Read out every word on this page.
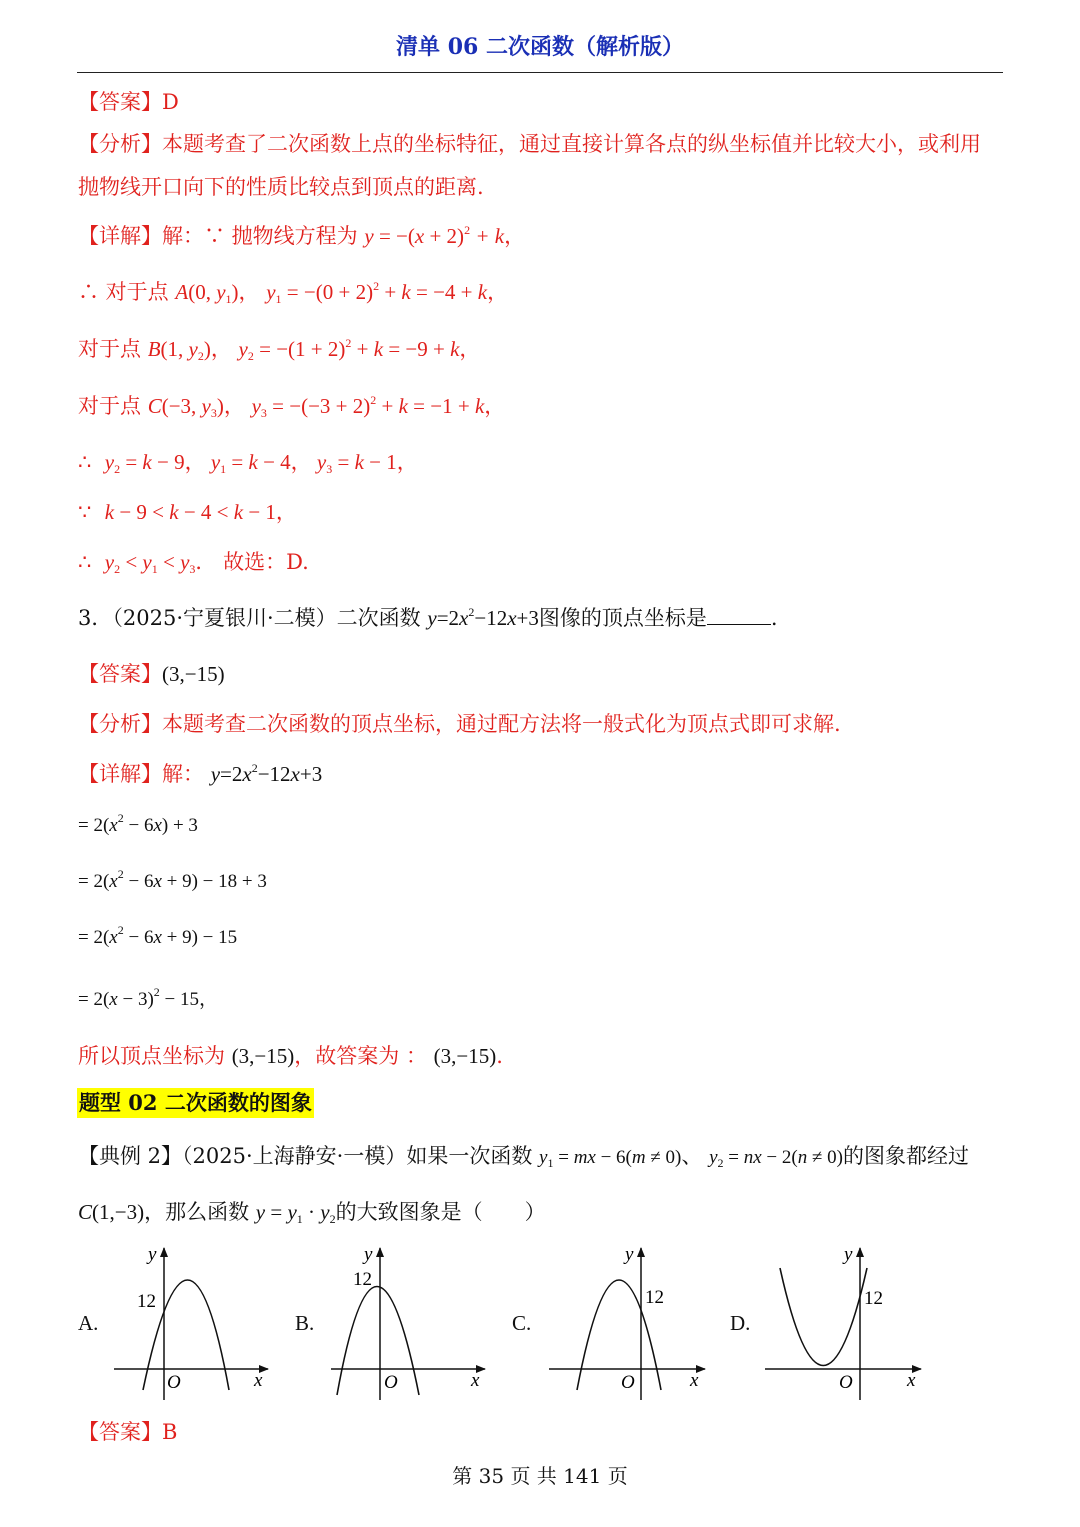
清单 06 二次函数（解析版）
【答案】D
【分析】本题考查了二次函数上点的坐标特征，通过直接计算各点的纵坐标值并比较大小，或利用
抛物线开口向下的性质比较点到顶点的距离.
【详解】解：∵ 抛物线方程为 $y = -(x + 2)^2 + k$，
∴ 对于点 A(0, $y_1$)， $y_1 = -(0 + 2)^2 + k = -4 + k$，
对于点 B(1, $y_2$)， $y_2 = -(1 + 2)^2 + k = -9 + k$，
对于点 C(−3, $y_3$)， $y_3 = -(-3 + 2)^2 + k = -1 + k$，
∴ $y_2 = k - 9$， $y_1 = k - 4$， $y_3 = k - 1$，
∵ k − 9 < k − 4 < k − 1，
∴ $y_2 < y_1 < y_3$． 故选：D.
3．（2025·宁夏银川·二模）二次函数 $y=2x^2-12x+3$图像的顶点坐标是	.
【答案】(3,−15)
【分析】本题考查二次函数的顶点坐标，通过配方法将一般式化为顶点式即可求解.
【详解】解： $y=2x^2-12x+3$
= $2(x^2 - 6x) + 3$
= $2(x^2 - 6x + 9) - 18 + 3$
= $2(x^2 - 6x + 9) - 15$
= $2(x - 3)^2 - 15$，
所以顶点坐标为 (3,−15)，故答案为 ： (3,−15).
题型 02 二次函数的图象
【典例 2】（2025·上海静安·一模）如果一次函数 $y_1$ = mx − 6(m ≠ 0)、 $y_2$ = nx − 2(n ≠ 0)的图象都经过
C(1,−3)，那么函数 $y = y_1 \cdot y_2$的大致图象是（　　）
A.	B.	C.	D.
y
x
O
12
y
x
O
12
y
x
O
12
y
x
O
12
【答案】B
第 35 页 共 141 页
